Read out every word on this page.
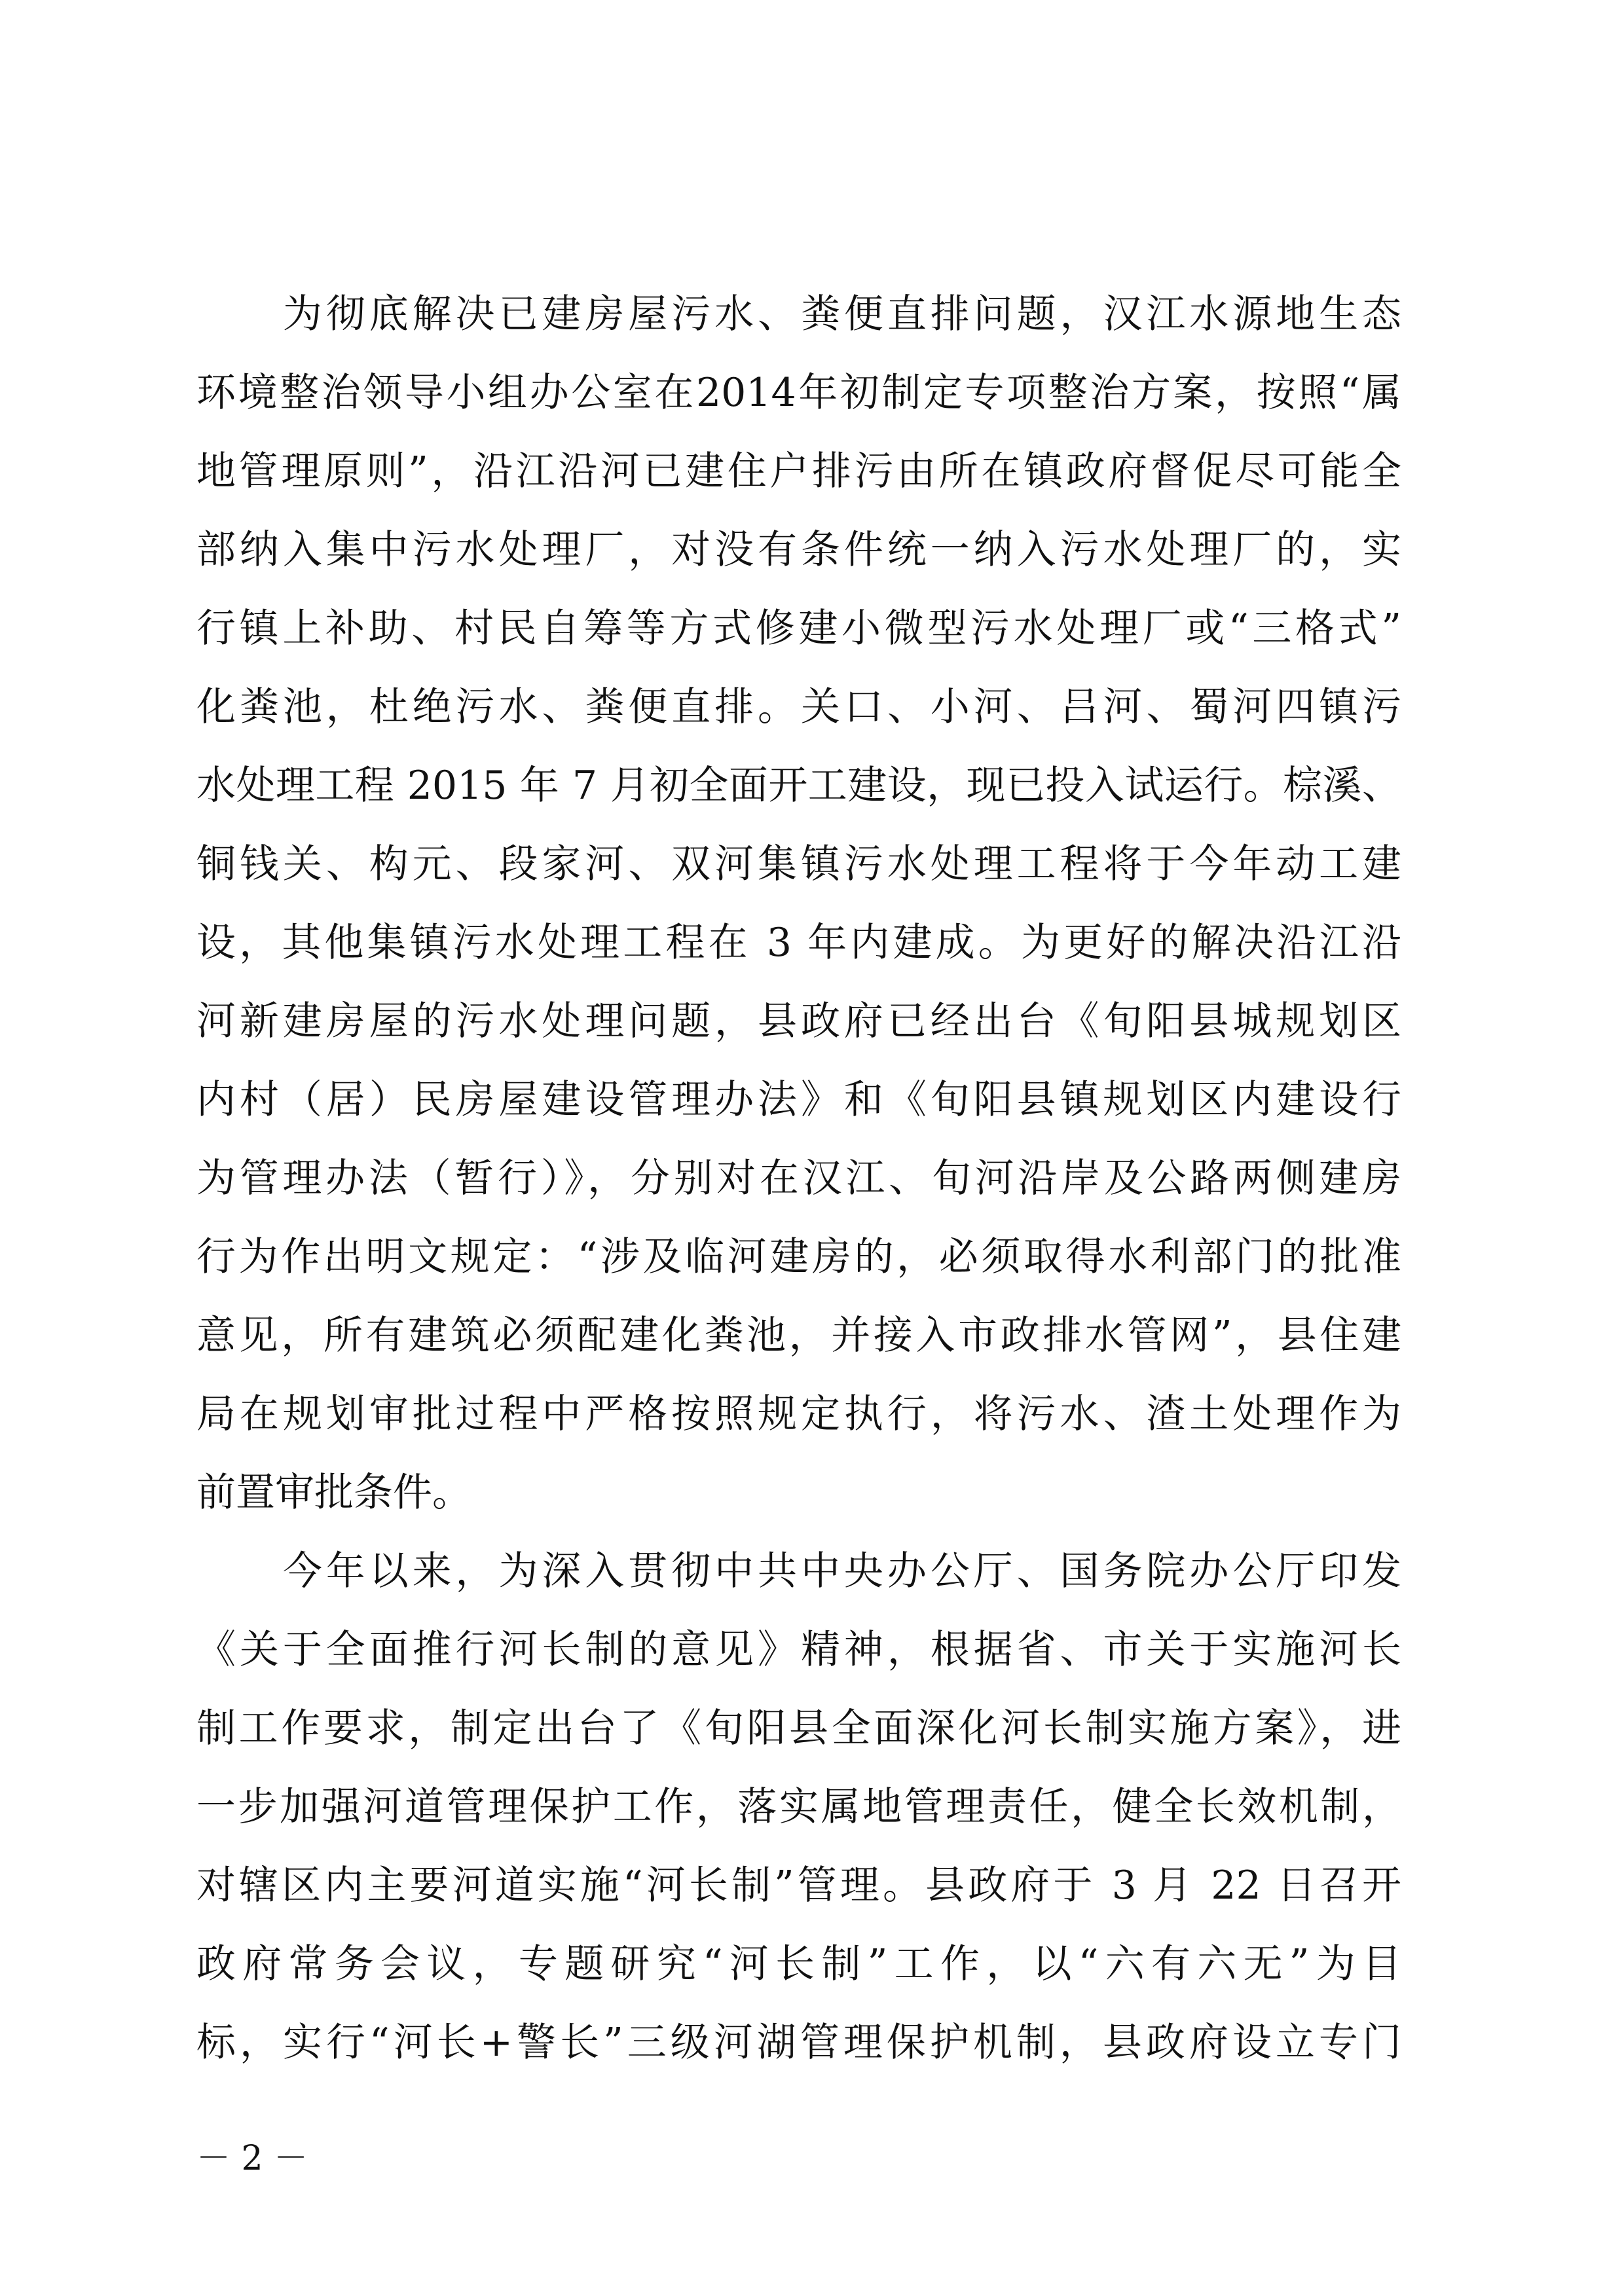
　　为彻底解决已建房屋污水、粪便直排问题，汉江水源地生态
环境整治领导小组办公室在2014年初制定专项整治方案，按照“属
地管理原则”，沿江沿河已建住户排污由所在镇政府督促尽可能全
部纳入集中污水处理厂，对没有条件统一纳入污水处理厂的，实
行镇上补助、村民自筹等方式修建小微型污水处理厂或“三格式”
化粪池，杜绝污水、粪便直排。关口、小河、吕河、蜀河四镇污
水处理工程 2015 年 7 月初全面开工建设，现已投入试运行。棕溪、
铜钱关、构元、段家河、双河集镇污水处理工程将于今年动工建
设，其他集镇污水处理工程在 3 年内建成。为更好的解决沿江沿
河新建房屋的污水处理问题，县政府已经出台《旬阳县城规划区
内村（居）民房屋建设管理办法》和《旬阳县镇规划区内建设行
为管理办法（暂行）》，分别对在汉江、旬河沿岸及公路两侧建房
行为作出明文规定：“涉及临河建房的，必须取得水利部门的批准
意见，所有建筑必须配建化粪池，并接入市政排水管网”，县住建
局在规划审批过程中严格按照规定执行，将污水、渣土处理作为
前置审批条件。
　　今年以来，为深入贯彻中共中央办公厅、国务院办公厅印发
《关于全面推行河长制的意见》精神，根据省、市关于实施河长
制工作要求，制定出台了《旬阳县全面深化河长制实施方案》，进
一步加强河道管理保护工作，落实属地管理责任，健全长效机制，
对辖区内主要河道实施“河长制”管理。县政府于 3 月 22 日召开
政府常务会议，专题研究“河长制”工作，以“六有六无”为目
标，实行“河长+警长”三级河湖管理保护机制，县政府设立专门
－ 2 －
